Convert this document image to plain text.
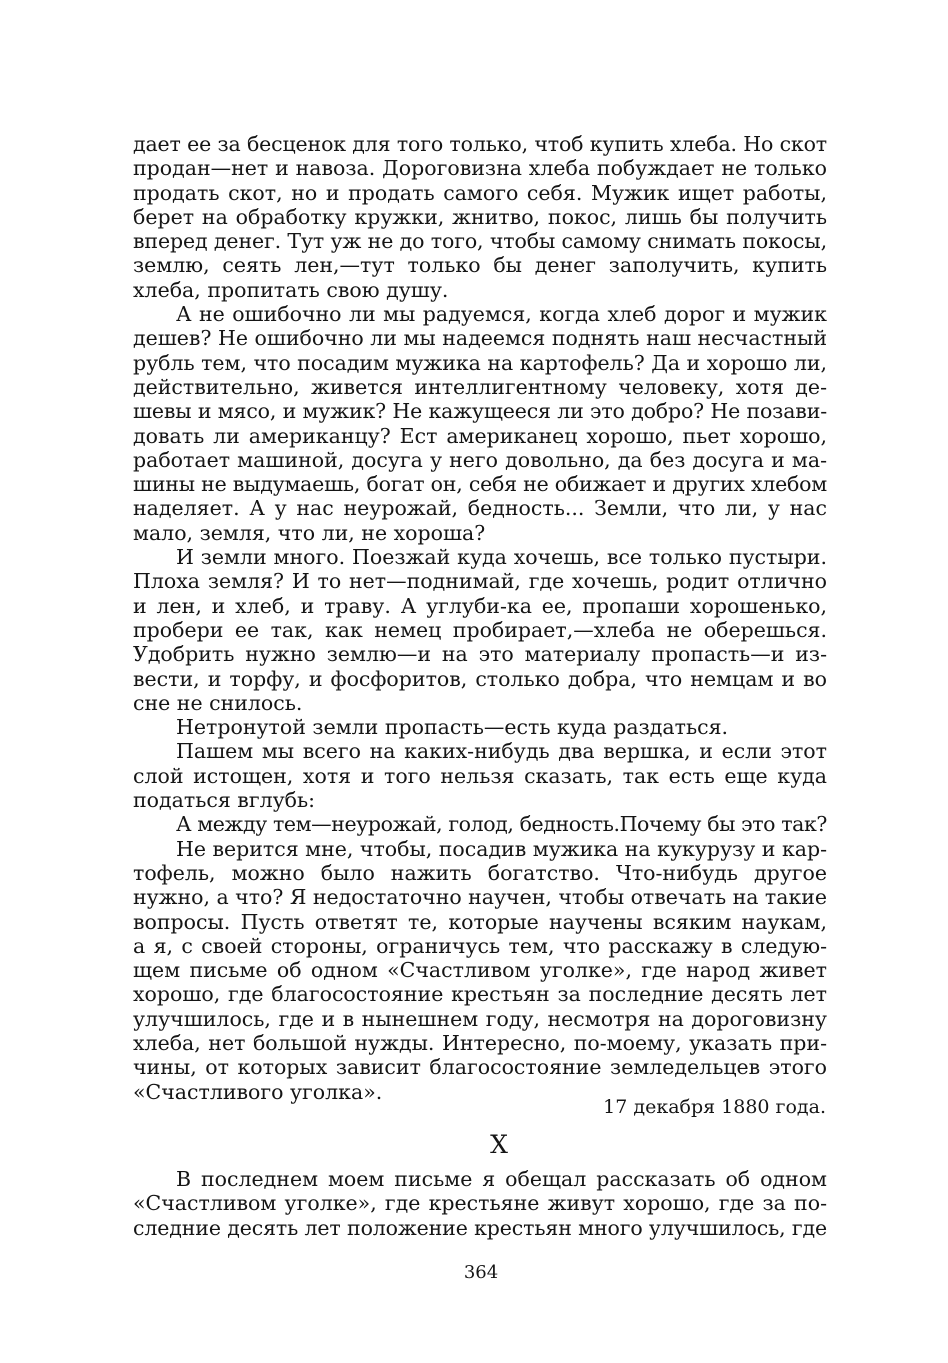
дает ее за бесценок для того только, чтоб купить хлеба. Но скот
продан—нет и навоза. Дороговизна хлеба побуждает не только
продать скот, но и продать самого себя. Мужик ищет работы,
берет на обработку кружки, жнитво, покос, лишь бы получить
вперед денег. Тут уж не до того, чтобы самому снимать покосы,
землю, сеять лен,—тут только бы денег заполучить, купить
хлеба, пропитать свою душу.
А не ошибочно ли мы радуемся, когда хлеб дорог и мужик
дешев? Не ошибочно ли мы надеемся поднять наш несчастный
рубль тем, что посадим мужика на картофель? Да и хорошо ли,
действительно, живется интеллигентному человеку, хотя де-
шевы и мясо, и мужик? Не кажущееся ли это добро? Не позави-
довать ли американцу? Ест американец хорошо, пьет хорошо,
работает машиной, досуга у него довольно, да без досуга и ма-
шины не выдумаешь, богат он, себя не обижает и других хлебом
наделяет. А у нас неурожай, бедность... Земли, что ли, у нас
мало, земля, что ли, не хороша?
И земли много. Поезжай куда хочешь, все только пустыри.
Плоха земля? И то нет—поднимай, где хочешь, родит отлично
и лен, и хлеб, и траву. А углуби-ка ее, пропаши хорошенько,
пробери ее так, как немец пробирает,—хлеба не оберешься.
Удобрить нужно землю—и на это материалу пропасть—и из-
вести, и торфу, и фосфоритов, столько добра, что немцам и во
сне не снилось.
Нетронутой земли пропасть—есть куда раздаться.
Пашем мы всего на каких-нибудь два вершка, и если этот
слой истощен, хотя и того нельзя сказать, так есть еще куда
податься вглубь:
А между тем—неурожай, голод, бедность.Почему бы это так?
Не верится мне, чтобы, посадив мужика на кукурузу и кар-
тофель, можно было нажить богатство. Что-нибудь другое
нужно, а что? Я недостаточно научен, чтобы отвечать на такие
вопросы. Пусть ответят те, которые научены всяким наукам,
а я, с своей стороны, ограничусь тем, что расскажу в следую-
щем письме об одном «Счастливом уголке», где народ живет
хорошо, где благосостояние крестьян за последние десять лет
улучшилось, где и в нынешнем году, несмотря на дороговизну
хлеба, нет большой нужды. Интересно, по-моему, указать при-
чины, от которых зависит благосостояние земледельцев этого
«Счастливого уголка».
17 декабря 1880 года.
X
В последнем моем письме я обещал рассказать об одном
«Счастливом уголке», где крестьяне живут хорошо, где за по-
следние десять лет положение крестьян много улучшилось, где
364
